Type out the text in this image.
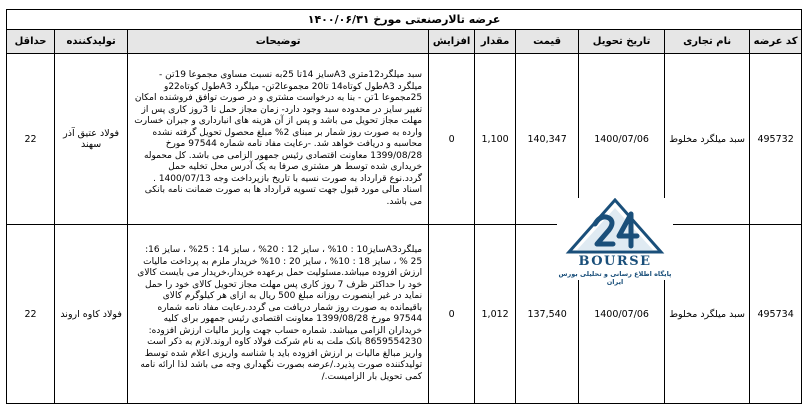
عرضه تالارصنعتی مورخ ۱۴۰۰/۰۶/۳۱								
کد عرضه	نام تجاری	تاریخ تحویل	قیمت	مقدار	افزایش	توضیحات	تولیدکننده	حداقل
495732	سبد میلگرد مخلوط	1400/07/06	140,347	1,100	0	سبد میلگرد12متری A3سایز 14تا 25به نسبت مساوی مجموعا 19تن - میلگرد A3طول کوتاه14 تا20 مجموعا2تن- میلگرد A3طول کوتاه22و 25مجموعا 1تن - بنا به درخواست مشتری و در صورت توافق فروشنده امکان تغییر سایز در محدوده سبد وجود دارد- زمان مجاز حمل تا 3روز کاری پس از مهلت مجاز تحویل می باشد و پس از آن هزینه های انبارداری و جبران خسارت وارده به صورت روز شمار بر مبنای 2% مبلغ محصول تحویل گرفته نشده محاسبه و دریافت خواهد شد. -رعایت مفاد نامه شماره 97544 مورخ 1399/08/28 معاونت اقتصادی رئیس جمهور الزامی می باشد. کل محموله خریداری شده توسط هر مشتری صرفا به یک آدرس محل تخلیه حمل گردد.نوع قرارداد به صورت نسیه با تاریخ بازپرداخت وجه 1400/07/13 . اسناد مالی مورد قبول جهت تسویه قرارداد ها به صورت ضمانت نامه بانکی می باشد.	فولاد عتیق آذر سهند	22
495734	سبد میلگرد مخلوط	1400/07/06	137,540	1,012	0	میلگردA3سایز10 : 10% ، سایز 12 : 20% ، سایز 14 : 25% ، سایز 16: 25 % ، سایز 18 : 10% ، سایز 20 : 10% خریدار ملزم به پرداخت مالیات ارزش افزوده میباشد.مسئولیت حمل برعهده خریدار،خریدار می بایست کالای خود را حداکثر ظرف 7 روز کاری پس مهلت مجاز تحویل کالای خود را حمل نماید در غیر اینصورت روزانه مبلغ 500 ریال به ازای هر کیلوگرم کالای باقیمانده به صورت روز شمار دریافت می گردد.رعایت مفاد نامه شماره 97544 مورخ 1399/08/28 معاونت اقتصادی رئیس جمهور برای کلیه خریداران الزامی میباشد. شماره حساب جهت واریز مالیات ارزش افزوده: 8659554230 بانک ملت به نام شرکت فولاد کاوه اروند.لازم به ذکر است واریز مبالغ مالیات بر ارزش افزوده باید با شناسه واریزی اعلام شده توسط تولیدکننده صورت پذیرد./عرضه بصورت نگهداری وجه می باشد لذا ارائه نامه کمی تحویل بار الزامیست./	فولاد کاوه اروند	22
BOURSE
پایگاه اطلاع رسانی و تحلیلی بورس ایران
